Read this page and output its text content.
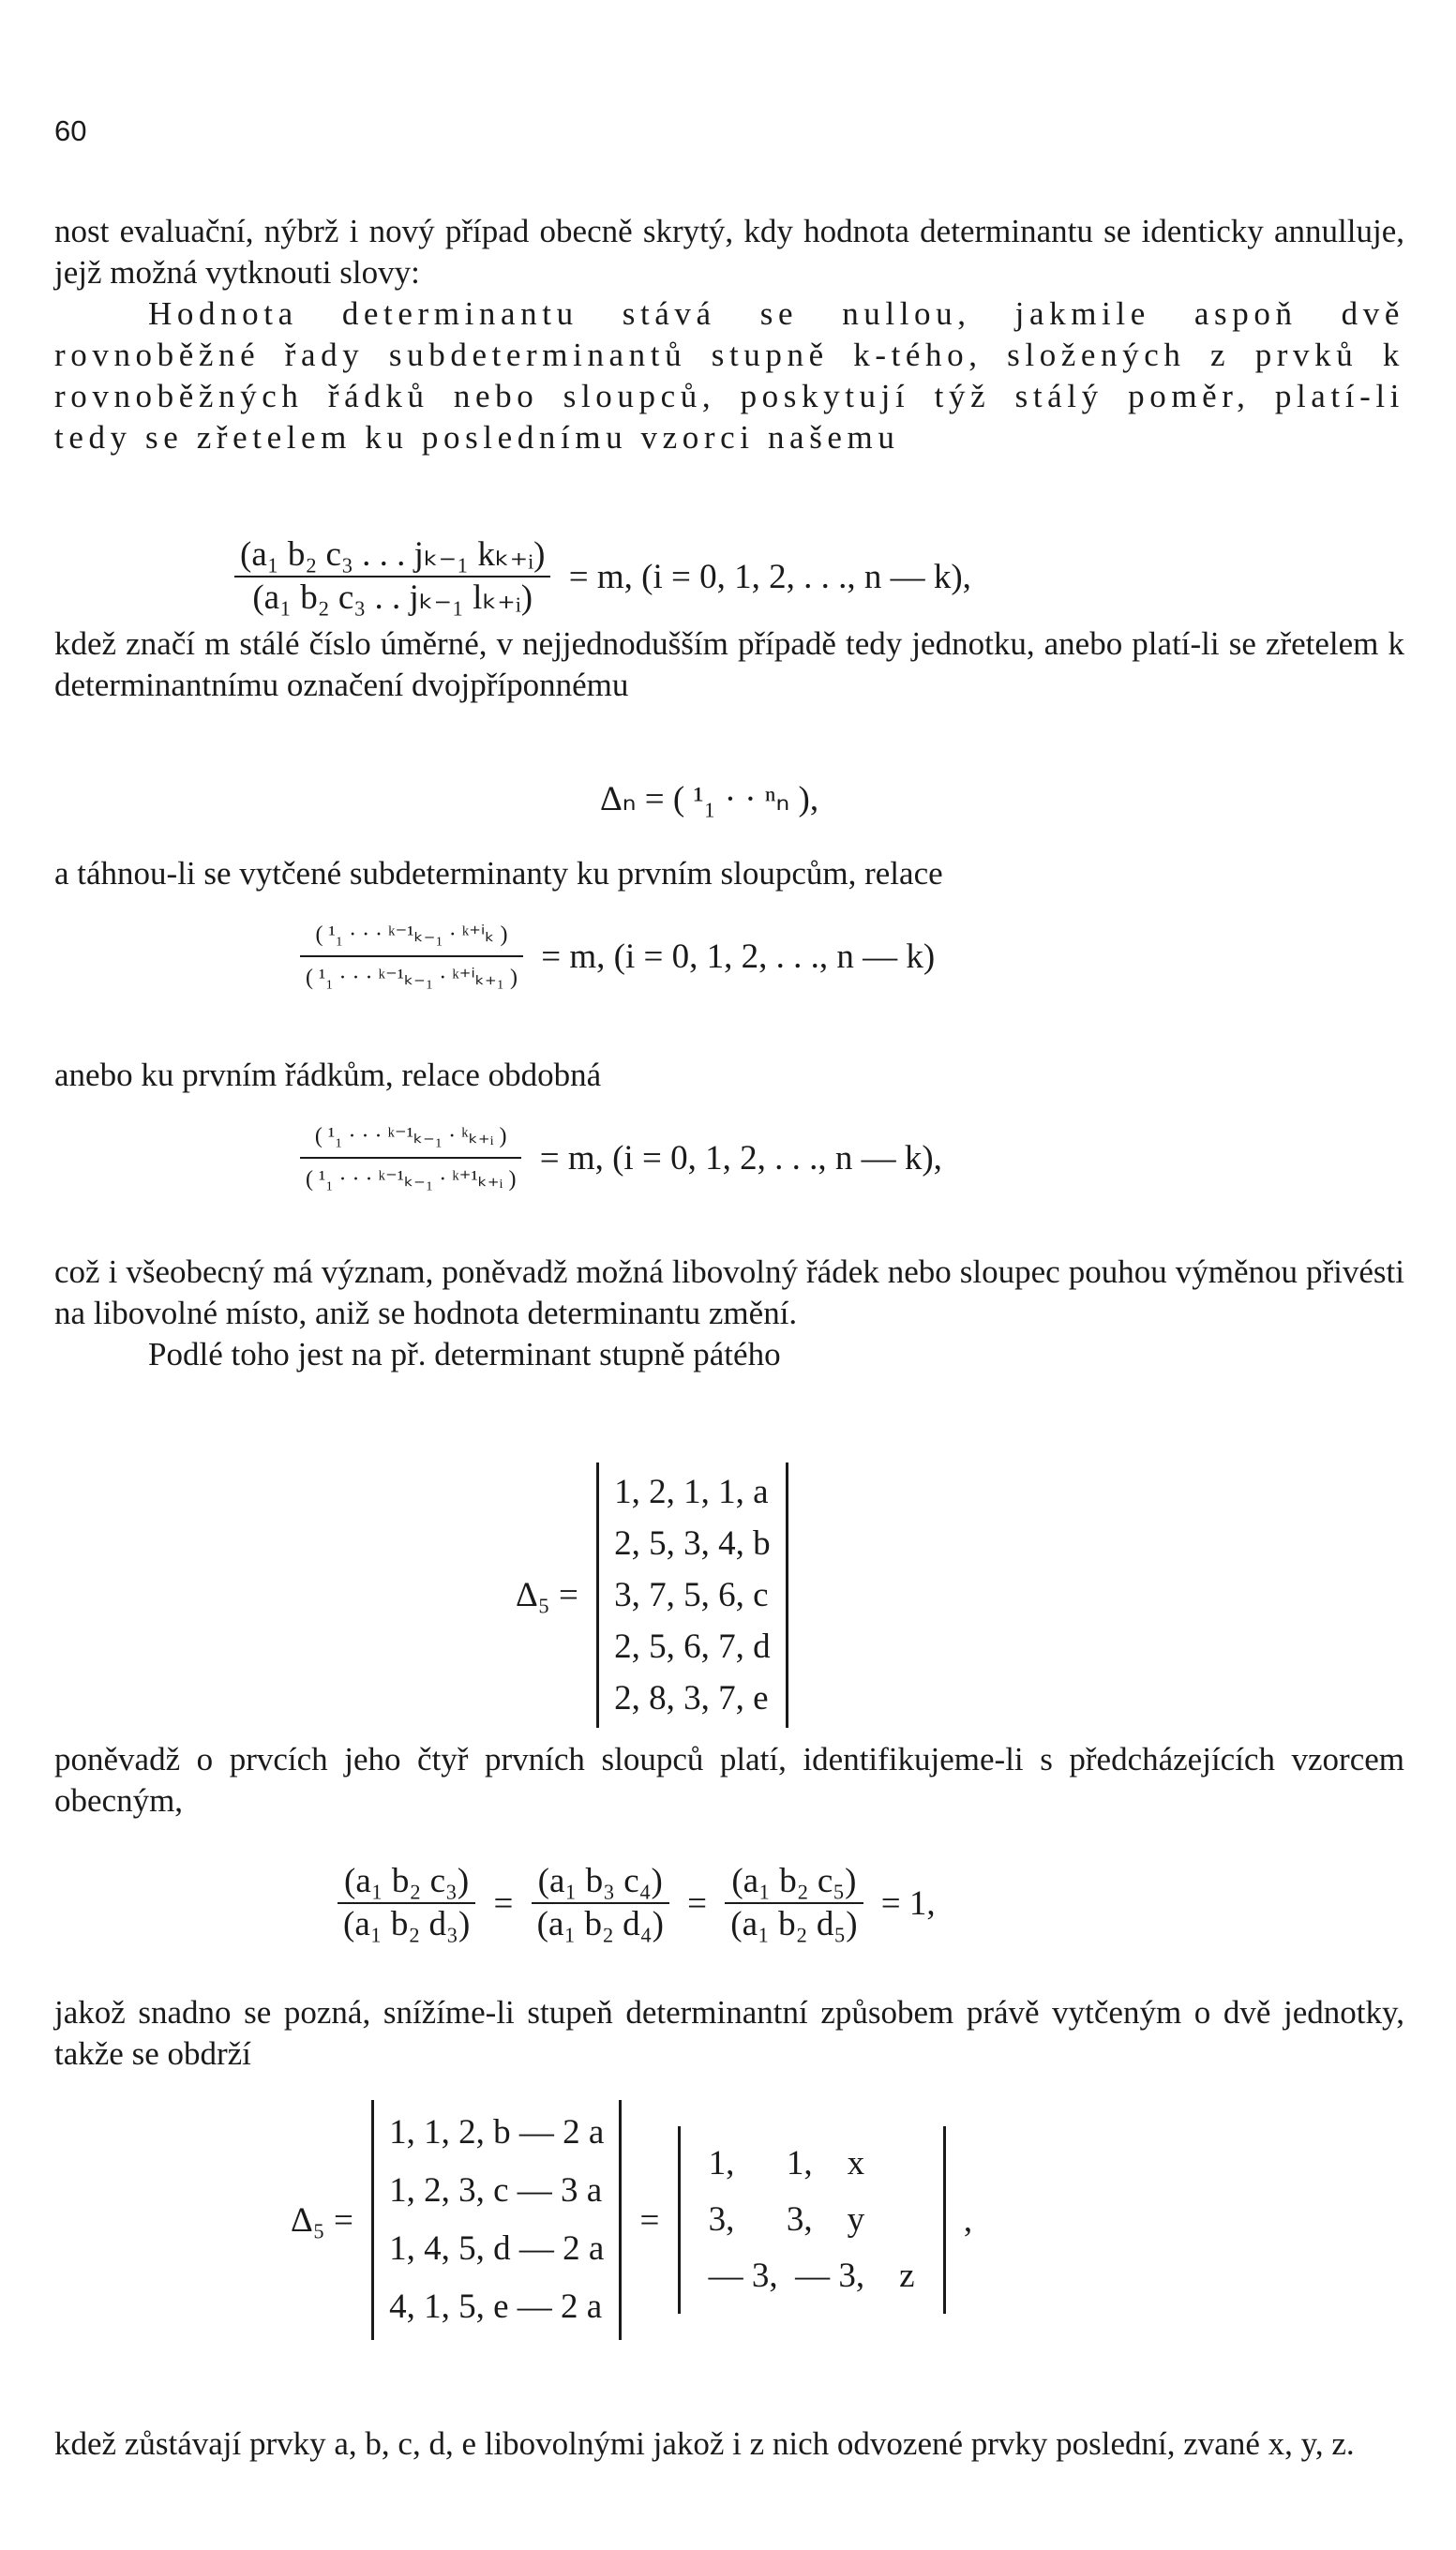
60

nost evaluační, nýbrž i nový případ obecně skrytý, kdy hodnota determinantu se identicky annulluje, jejž možná vytknouti slovy:

Hodnota determinantu stává se nullou, jakmile aspoň dvě rovnoběžné řady subdeterminantů stupně k-tého, složených z prvků k rovnoběžných řádků nebo sloupců, poskytují týž stálý poměr, platí-li tedy se zřetelem ku poslednímu vzorci našemu

$\frac{\text{(a₁ b₂ c₃ . . . jₖ₋₁ kₖ₊ᵢ)}}{\text{(a₁ b₂ c₃ . . jₖ₋₁ lₖ₊ᵢ)}} = m$, (i = 0, 1, 2, . . ., n — k),

kdež značí m stálé číslo úměrné, v nejjednodušším případě tedy jednotku, anebo platí-li se zřetelem k determinantnímu označení dvojpříponnému

Δₙ = ( ¹₁ · · ⁿₙ ),

a táhnou-li se vytčené subdeterminanty ku prvním sloupcům, relace

$\frac{\text{( ¹₁ · · · ᵏ⁻¹ₖ₋₁ · ᵏ⁺ⁱₖ )}}{\text{( ¹₁ · · · ᵏ⁻¹ₖ₋₁ · ᵏ⁺ⁱₖ₊₁ )}} = m$, (i = 0, 1, 2, . . ., n — k)

anebo ku prvním řádkům, relace obdobná

$\frac{\text{( ¹₁ · · · ᵏ⁻¹ₖ₋₁ · ᵏₖ₊ᵢ )}}{\text{( ¹₁ · · · ᵏ⁻¹ₖ₋₁ · ᵏ⁺¹ₖ₊ᵢ )}} = m$, (i = 0, 1, 2, . . ., n — k),

což i všeobecný má význam, poněvadž možná libovolný řádek nebo sloupec pouhou výměnou přivésti na libovolné místo, aniž se hodnota determinantu změní.

Podlé toho jest na př. determinant stupně pátého

Δ₅ =
1, 2, 1, 1, a
2, 5, 3, 4, b
3, 7, 5, 6, c
2, 5, 6, 7, d
2, 8, 3, 7, e

poněvadž o prvcích jeho čtyř prvních sloupců platí, identifikujeme-li s předcházejících vzorcem obecným,

$\frac{\text{(a₁ b₂ c₃)}}{\text{(a₁ b₂ d₃)}} = \frac{\text{(a₁ b₃ c₄)}}{\text{(a₁ b₂ d₄)}} = \frac{\text{(a₁ b₂ c₅)}}{\text{(a₁ b₂ d₅)}} = 1$,

jakož snadno se pozná, snížíme-li stupeň determinantní způsobem právě vytčeným o dvě jednotky, takže se obdrží

Δ₅ =
1, 1, 2, b — 2 a
1, 2, 3, c — 3 a
1, 4, 5, d — 2 a
4, 1, 5, e — 2 a
=
1,      1,    x
3,      3,    y
— 3,  — 3,    z
,

kdež zůstávají prvky a, b, c, d, e libovolnými jakož i z nich odvozené prvky poslední, zvané x, y, z.
